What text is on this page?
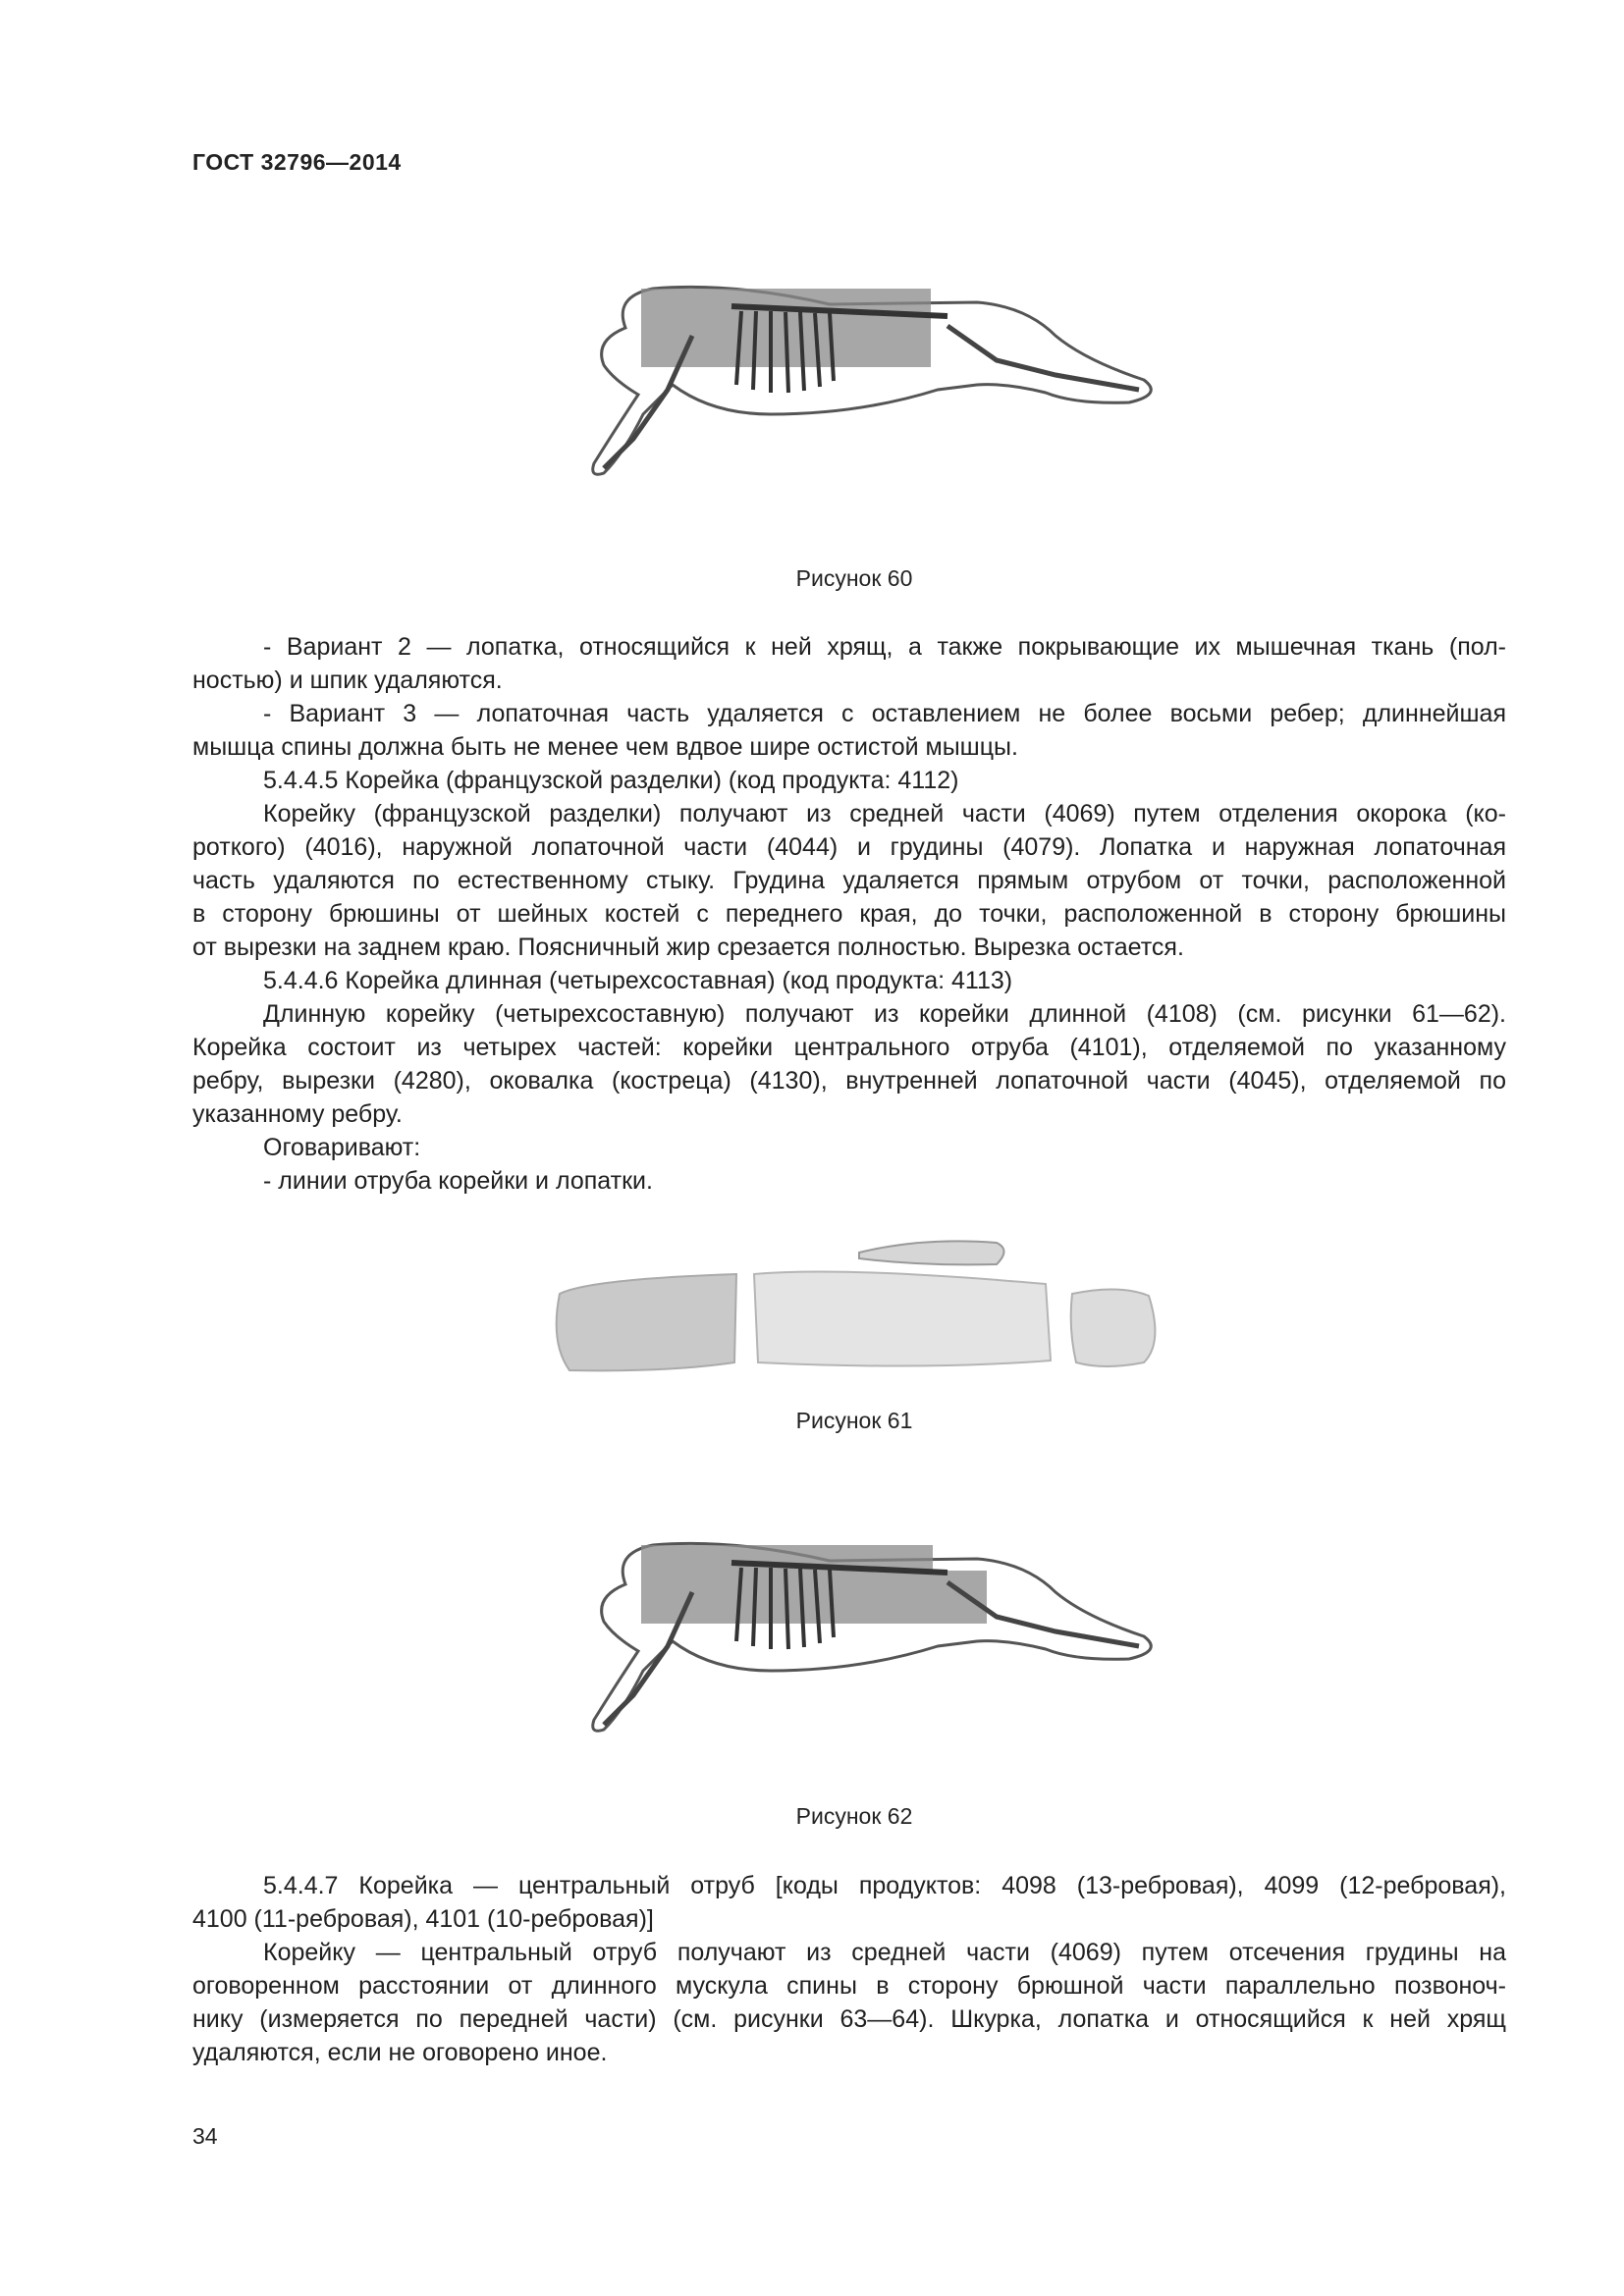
ГОСТ 32796—2014
Рисунок 60

- Вариант 2 — лопатка, относящийся к ней хрящ, а также покрывающие их мышечная ткань (пол-

ностью) и шпик удаляются.

- Вариант 3 — лопаточная часть удаляется с оставлением не более восьми ребер; длиннейшая

мышца спины должна быть не менее чем вдвое шире остистой мышцы.

5.4.4.5 Корейка (французской разделки) (код продукта: 4112)

Корейку (французской разделки) получают из средней части (4069) путем отделения окорока (ко-

роткого) (4016), наружной лопаточной части (4044) и грудины (4079). Лопатка и наружная лопаточная

часть удаляются по естественному стыку. Грудина удаляется прямым отрубом от точки, расположенной

в сторону брюшины от шейных костей с переднего края, до точки, расположенной в сторону брюшины

от вырезки на заднем краю. Поясничный жир срезается полностью. Вырезка остается.

5.4.4.6 Корейка длинная (четырехсоставная) (код продукта: 4113)

Длинную корейку (четырехсоставную) получают из корейки длинной (4108) (см. рисунки 61—62).

Корейка состоит из четырех частей: корейки центрального отруба (4101), отделяемой по указанному

ребру, вырезки (4280), оковалка (кострецa) (4130), внутренней лопаточной части (4045), отделяемой по

указанному ребру.

Оговаривают:

- линии отруба корейки и лопатки.

Рисунок 61
Рисунок 62

5.4.4.7 Корейка — центральный отруб [коды продуктов: 4098 (13-ребровая), 4099 (12-ребровая),

4100 (11-ребровая), 4101 (10-ребровая)]

Корейку — центральный отруб получают из средней части (4069) путем отсечения грудины на

оговоренном расстоянии от длинного мускула спины в сторону брюшной части параллельно позвоноч-

нику (измеряется по передней части) (см. рисунки 63—64). Шкурка, лопатка и относящийся к ней хрящ

удаляются, если не оговорено иное.

34
